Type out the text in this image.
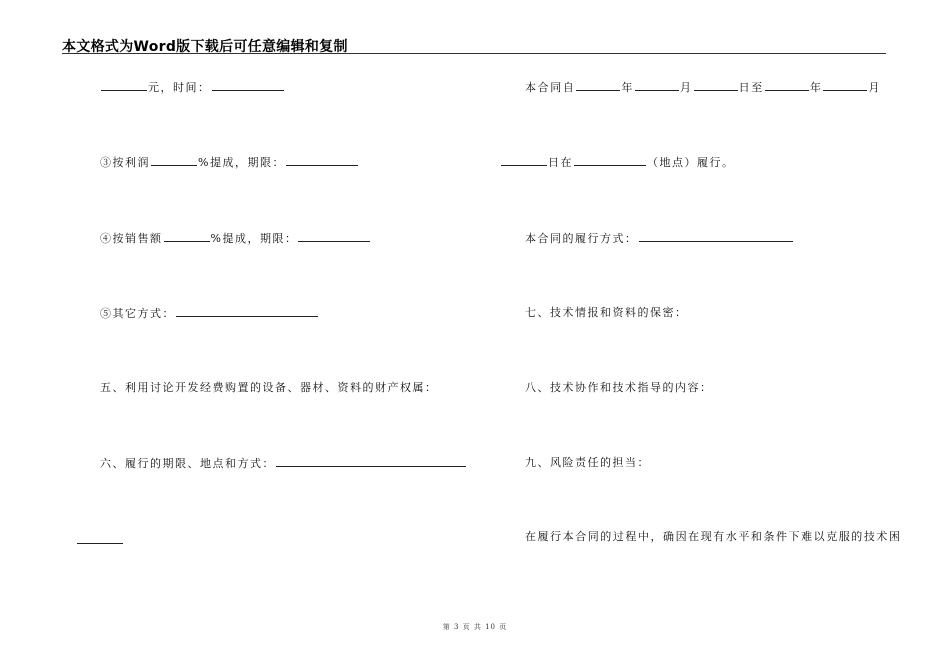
本文格式为Word版下载后可任意编辑和复制
元，时间：
③按利润	%提成，期限：
④按销售额	%提成，期限：
⑤其它方式：
五、利用讨论开发经费购置的设备、器材、资料的财产权属：
六、履行的期限、地点和方式：
本合同自	年	月	日至	年	月
日在	（地点）履行。
本合同的履行方式：
七、技术情报和资料的保密：
八、技术协作和技术指导的内容：
九、风险责任的担当：
在履行本合同的过程中，确因在现有水平和条件下难以克服的技术困
第 3 页 共 10 页
